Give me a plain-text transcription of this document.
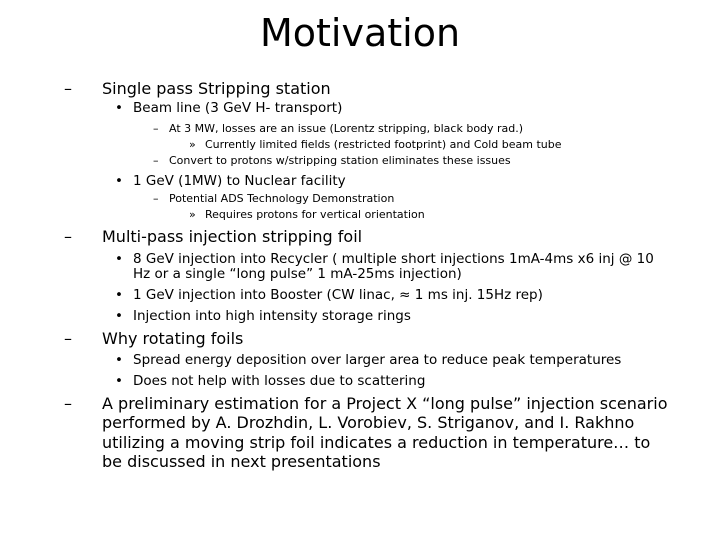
Motivation
– Single pass Stripping station
• Beam line (3 GeV H- transport)
– At 3 MW, losses are an issue (Lorentz stripping, black body rad.)
» Currently limited fields (restricted footprint) and Cold beam tube
– Convert to protons w/stripping station eliminates these issues
• 1 GeV (1MW) to Nuclear facility
– Potential ADS Technology Demonstration
» Requires protons for vertical orientation
– Multi-pass injection stripping foil
• 8 GeV injection into Recycler ( multiple short injections 1mA-4ms x6 inj @ 10
Hz or a single “long pulse” 1 mA-25ms injection)
• 1 GeV injection into Booster (CW linac, ≈ 1 ms inj. 15Hz rep)
• Injection into high intensity storage rings
– Why rotating foils
• Spread energy deposition over larger area to reduce peak temperatures
• Does not help with losses due to scattering
– A preliminary estimation for a Project X “long pulse” injection scenario
performed by A. Drozhdin, L. Vorobiev, S. Striganov, and I. Rakhno
utilizing a moving strip foil indicates a reduction in temperature… to
be discussed in next presentations
